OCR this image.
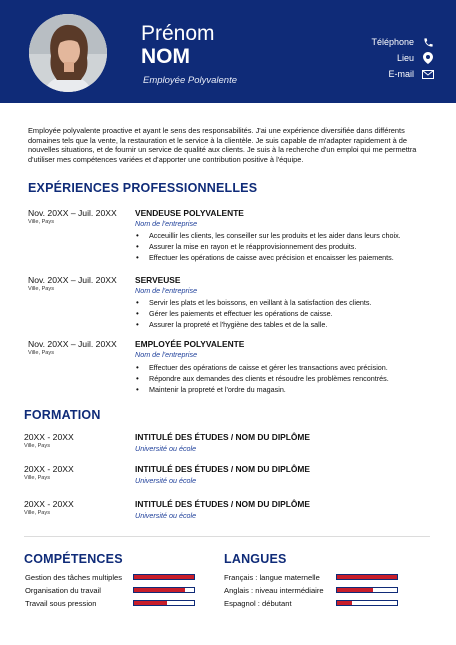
Prénom
NOM
Employée Polyvalente
Téléphone
Lieu
E-mail
Employée polyvalente proactive et ayant le sens des responsabilités. J'ai une expérience diversifiée dans différents domaines tels que la vente, la restauration et le service à la clientèle. Je suis capable de m'adapter rapidement à de nouvelles situations, et de fournir un service de qualité aux clients. Je suis à la recherche d'un emploi qui me permettra d'utiliser mes compétences variées et d'apporter une contribution positive à l'équipe.
EXPÉRIENCES PROFESSIONNELLES
Nov. 20XX – Juil. 20XX
Ville, Pays
VENDEUSE POLYVALENTE
Nom de l'entreprise
• Acceuillir les clients, les conseiller sur les produits et les aider dans leurs choix.
• Assurer la mise en rayon et le réapprovisionnement des produits.
• Effectuer les opérations de caisse avec précision et encaisser les paiements.
Nov. 20XX – Juil. 20XX
Ville, Pays
SERVEUSE
Nom de l'entreprise
• Servir les plats et les boissons, en veillant à la satisfaction des clients.
• Gérer les paiements et effectuer les opérations de caisse.
• Assurer la propreté et l'hygiène des tables et de la salle.
Nov. 20XX – Juil. 20XX
Ville, Pays
EMPLOYÉE POLYVALENTE
Nom de l'entreprise
• Effectuer des opérations de caisse et gérer les transactions avec précision.
• Répondre aux demandes des clients et résoudre les problèmes rencontrés.
• Maintenir la propreté et l'ordre du magasin.
FORMATION
20XX - 20XX
Ville, Pays
INTITULÉ DES ÉTUDES / NOM DU DIPLÔME
Université ou école
20XX - 20XX
Ville, Pays
INTITULÉ DES ÉTUDES / NOM DU DIPLÔME
Université ou école
20XX - 20XX
Ville, Pays
INTITULÉ DES ÉTUDES / NOM DU DIPLÔME
Université ou école
COMPÉTENCES
Gestion des tâches multiples
Organisation du travail
Travail sous pression
LANGUES
Français : langue maternelle
Anglais : niveau intermédiaire
Espagnol : débutant
